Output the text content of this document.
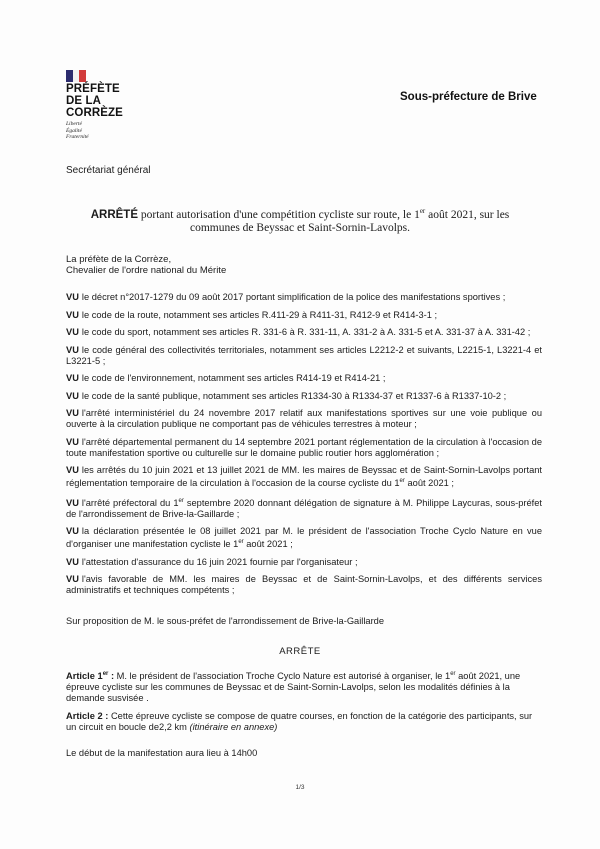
PRÉFÈTE
DE LA CORRÈZE
Liberté
Égalité
Fraternité
Sous-préfecture de Brive
Secrétariat général
ARRÊTÉ portant autorisation d'une compétition cycliste sur route, le 1er août 2021, sur les communes de Beyssac et Saint-Sornin-Lavolps.
La préfète de la Corrèze,
Chevalier de l'ordre national du Mérite
VU le décret n°2017-1279 du 09 août 2017 portant simplification de la police des manifestations sportives ;
VU le code de la route, notamment ses articles R.411-29 à R411-31, R412-9 et R414-3-1 ;
VU le code du sport, notamment ses articles R. 331-6 à R. 331-11, A. 331-2 à A. 331-5 et A. 331-37 à A. 331-42 ;
VU le code général des collectivités territoriales, notamment ses articles L2212-2 et suivants, L2215-1, L3221-4 et L3221-5 ;
VU le code de l'environnement, notamment ses articles R414-19 et R414-21 ;
VU le code de la santé publique, notamment ses articles R1334-30 à R1334-37 et R1337-6 à R1337-10-2 ;
VU l'arrêté interministériel du 24 novembre 2017 relatif aux manifestations sportives sur une voie publique ou ouverte à la circulation publique ne comportant pas de véhicules terrestres à moteur ;
VU l'arrêté départemental permanent du 14 septembre 2021 portant réglementation de la circulation à l'occasion de toute manifestation sportive ou culturelle sur le domaine public routier hors agglomération ;
VU les arrêtés du 10 juin 2021 et 13 juillet 2021 de MM. les maires de Beyssac et de Saint-Sornin-Lavolps portant réglementation temporaire de la circulation à l'occasion de la course cycliste du 1er août 2021 ;
VU l'arrêté préfectoral du 1er septembre 2020 donnant délégation de signature à M. Philippe Laycuras, sous-préfet de l'arrondissement de Brive-la-Gaillarde ;
VU la déclaration présentée le 08 juillet 2021 par M. le président de l'association Troche Cyclo Nature en vue d'organiser une manifestation cycliste le 1er août 2021 ;
VU l'attestation d'assurance du 16 juin 2021 fournie par l'organisateur ;
VU l'avis favorable de MM. les maires de Beyssac et de Saint-Sornin-Lavolps, et des différents services administratifs et techniques compétents ;
Sur proposition de M. le sous-préfet de l'arrondissement de Brive-la-Gaillarde
ARRÊTE
Article 1er : M. le président de l'association Troche Cyclo Nature est autorisé à organiser, le 1er août 2021, une épreuve cycliste sur les communes de Beyssac et de Saint-Sornin-Lavolps, selon les modalités définies à la demande susvisée .
Article 2 : Cette épreuve cycliste se compose de quatre courses, en fonction de la catégorie des participants, sur un circuit en boucle de2,2 km (itinéraire en annexe)
Le début de la manifestation aura lieu à 14h00
1/3
